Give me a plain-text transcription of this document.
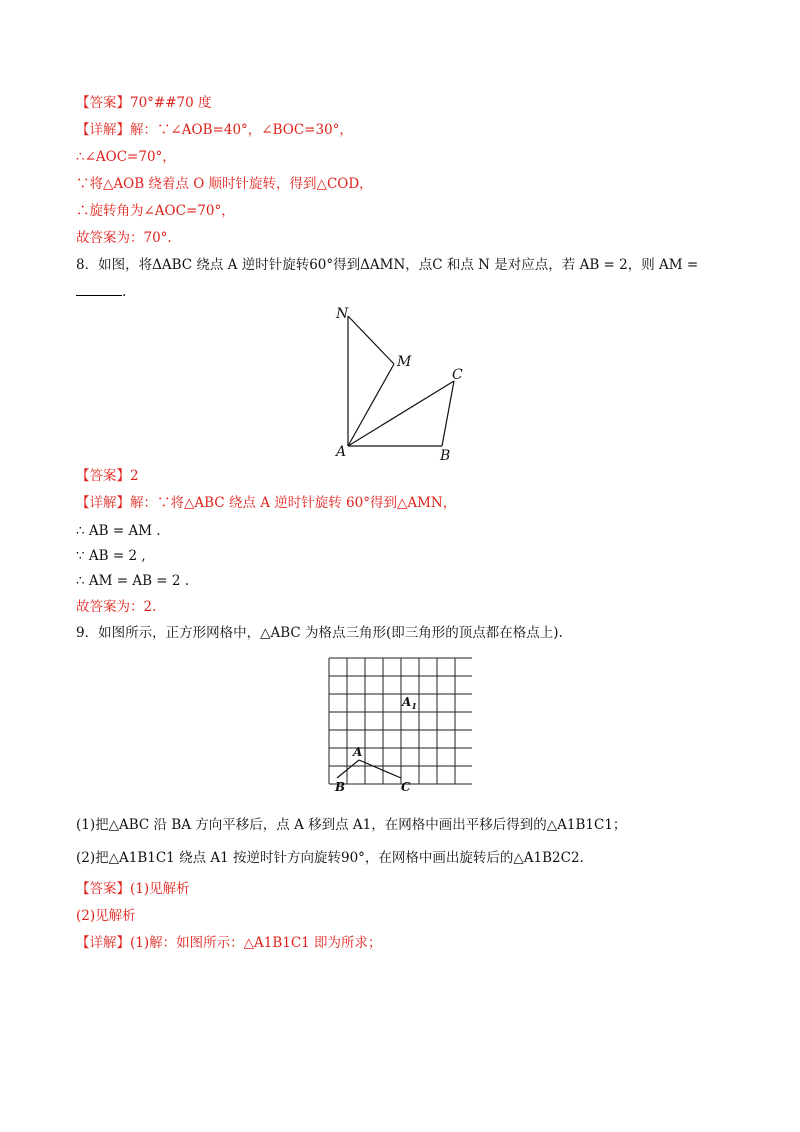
【答案】70°##70 度
【详解】解：∵∠AOB=40°，∠BOC=30°，
∴∠AOC=70°，
∵将△AOB 绕着点 O 顺时针旋转，得到△COD，
∴旋转角为∠AOC=70°，
故答案为：70°.
8．如图，将ΔABC 绕点 A 逆时针旋转60°得到ΔAMN，点C 和点 N 是对应点，若 AB = 2，则 AM =
.
N
M
C
A	B
【答案】2
【详解】解：∵将△ABC 绕点 A 逆时针旋转 60°得到△AMN，
∴ AB = AM .
∵ AB = 2 ,
∴ AM = AB = 2 .
故答案为：2.
9．如图所示，正方形网格中，△ABC 为格点三角形(即三角形的顶点都在格点上).
$A_1$
A
B	C
(1)把△ABC 沿 BA 方向平移后，点 A 移到点 A1，在网格中画出平移后得到的△A1B1C1；
(2)把△A1B1C1 绕点 A1 按逆时针方向旋转90°，在网格中画出旋转后的△A1B2C2.
【答案】(1)见解析
(2)见解析
【详解】(1)解：如图所示：△A1B1C1 即为所求；
